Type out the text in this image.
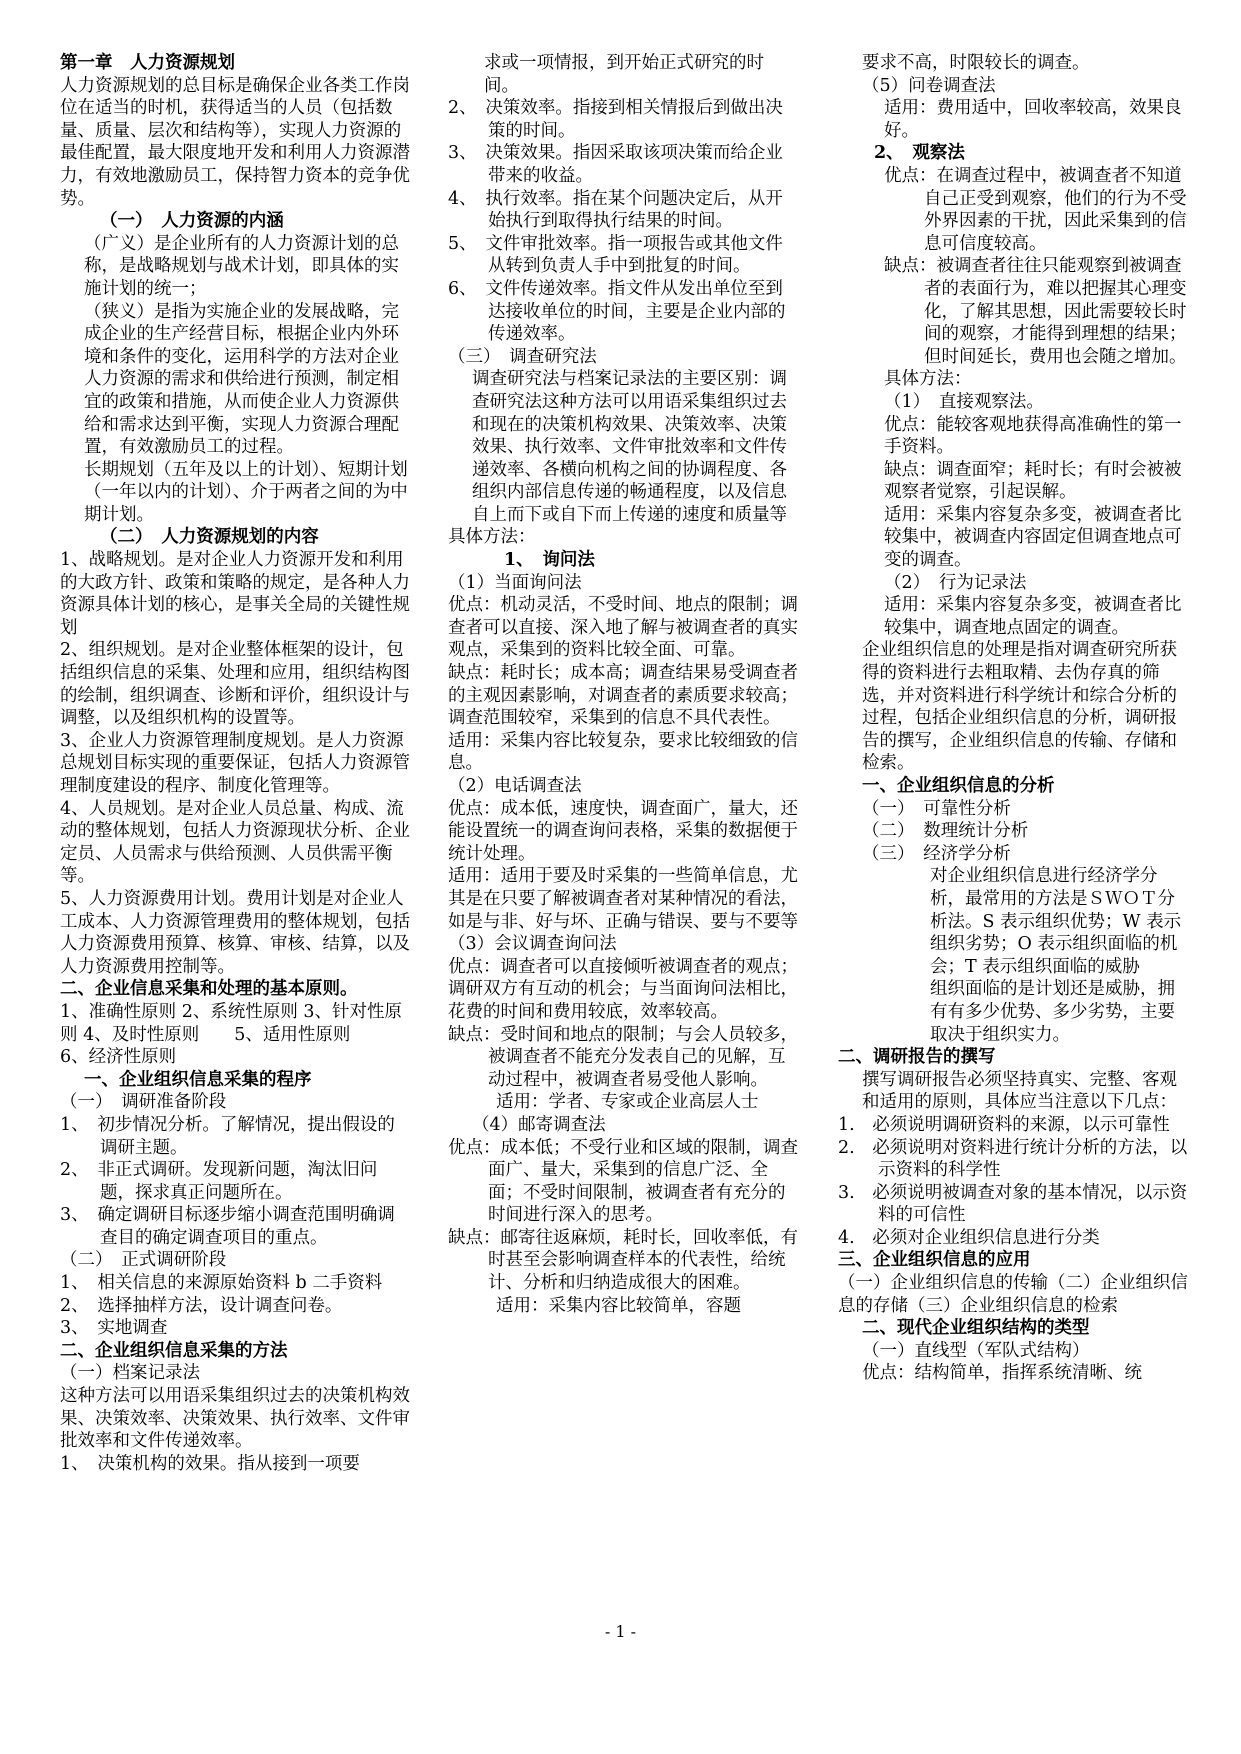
第一章　人力资源规划

人力资源规划的总目标是确保企业各类工作岗位在适当的时机，获得适当的人员（包括数量、质量、层次和结构等），实现人力资源的最佳配置，最大限度地开发和利用人力资源潜力，有效地激励员工，保持智力资本的竞争优势。

（一）　人力资源的内涵

（广义）是企业所有的人力资源计划的总称，是战略规划与战术计划，即具体的实施计划的统一；

（狭义）是指为实施企业的发展战略，完成企业的生产经营目标，根据企业内外环境和条件的变化，运用科学的方法对企业人力资源的需求和供给进行预测，制定相宜的政策和措施，从而使企业人力资源供给和需求达到平衡，实现人力资源合理配置，有效激励员工的过程。

长期规划（五年及以上的计划）、短期计划（一年以内的计划）、介于两者之间的为中期计划。

（二）　人力资源规划的内容

1、战略规划。是对企业人力资源开发和利用的大政方针、政策和策略的规定，是各种人力资源具体计划的核心，是事关全局的关键性规划

2、组织规划。是对企业整体框架的设计，包括组织信息的采集、处理和应用，组织结构图的绘制，组织调查、诊断和评价，组织设计与调整，以及组织机构的设置等。

3、企业人力资源管理制度规划。是人力资源总规划目标实现的重要保证，包括人力资源管理制度建设的程序、制度化管理等。

4、人员规划。是对企业人员总量、构成、流动的整体规划，包括人力资源现状分析、企业定员、人员需求与供给预测、人员供需平衡等。

5、人力资源费用计划。费用计划是对企业人工成本、人力资源管理费用的整体规划，包括人力资源费用预算、核算、审核、结算，以及人力资源费用控制等。

二、企业信息采集和处理的基本原则。

1、准确性原则 2、系统性原则 3、针对性原则 4、及时性原则　　5、适用性原则　　6、经济性原则

一、企业组织信息采集的程序

（一）　调研准备阶段

1、　初步情况分析。了解情况，提出假设的调研主题。

2、　非正式调研。发现新问题，淘汰旧问题，探求真正问题所在。

3、　确定调研目标逐步缩小调查范围明确调查目的确定调查项目的重点。

（二）　正式调研阶段

1、　相关信息的来源原始资料 b 二手资料

2、　选择抽样方法，设计调查问卷。

3、　实地调查

二、企业组织信息采集的方法

（一）档案记录法

这种方法可以用语采集组织过去的决策机构效果、决策效率、决策效果、执行效率、文件审批效率和文件传递效率。

1、　决策机构的效果。指从接到一项要

求或一项情报，到开始正式研究的时间。

2、　决策效率。指接到相关情报后到做出决策的时间。

3、　决策效果。指因采取该项决策而给企业带来的收益。

4、　执行效率。指在某个问题决定后，从开始执行到取得执行结果的时间。

5、　文件审批效率。指一项报告或其他文件从转到负责人手中到批复的时间。

6、　文件传递效率。指文件从发出单位至到达接收单位的时间，主要是企业内部的传递效率。

（三）　调查研究法

调查研究法与档案记录法的主要区别：调查研究法这种方法可以用语采集组织过去和现在的决策机构效果、决策效率、决策效果、执行效率、文件审批效率和文件传递效率、各横向机构之间的协调程度、各组织内部信息传递的畅通程度，以及信息自上而下或自下而上传递的速度和质量等

具体方法：

1、　询问法

（1）当面询问法

优点：机动灵活，不受时间、地点的限制；调查者可以直接、深入地了解与被调查者的真实观点，采集到的资料比较全面、可靠。

缺点：耗时长；成本高；调查结果易受调查者的主观因素影响，对调查者的素质要求较高；调查范围较窄，采集到的信息不具代表性。

适用：采集内容比较复杂，要求比较细致的信息。

（2）电话调查法

优点：成本低，速度快，调查面广，量大，还能设置统一的调查询问表格，采集的数据便于统计处理。

适用：适用于要及时采集的一些简单信息，尤其是在只要了解被调查者对某种情况的看法，如是与非、好与坏、正确与错误、要与不要等

（3）会议调查询问法

优点：调查者可以直接倾听被调查者的观点；调研双方有互动的机会；与当面询问法相比，花费的时间和费用较底，效率较高。

缺点：受时间和地点的限制；与会人员较多，被调查者不能充分发表自己的见解，互动过程中，被调查者易受他人影响。

适用：学者、专家或企业高层人士

（4）邮寄调查法

优点：成本低；不受行业和区域的限制，调查面广、量大，采集到的信息广泛、全面；不受时间限制，被调查者有充分的时间进行深入的思考。

缺点：邮寄往返麻烦，耗时长，回收率低，有时甚至会影响调查样本的代表性，给统计、分析和归纳造成很大的困难。

适用：采集内容比较简单，容题

要求不高，时限较长的调查。

（5）问卷调查法

适用：费用适中，回收率较高，效果良好。

2、　观察法

优点：在调查过程中，被调查者不知道自己正受到观察，他们的行为不受外界因素的干扰，因此采集到的信息可信度较高。

缺点：被调查者往往只能观察到被调查者的表面行为，难以把握其心理变化，了解其思想，因此需要较长时间的观察，才能得到理想的结果；但时间延长，费用也会随之增加。

具体方法：

（1）　直接观察法。

优点：能较客观地获得高准确性的第一手资料。

缺点：调查面窄；耗时长；有时会被被观察者觉察，引起误解。

适用：采集内容复杂多变，被调查者比较集中，被调查内容固定但调查地点可变的调查。

（2）　行为记录法

适用：采集内容复杂多变，被调查者比较集中，调查地点固定的调查。

企业组织信息的处理是指对调查研究所获得的资料进行去粗取精、去伪存真的筛选，并对资料进行科学统计和综合分析的过程，包括企业组织信息的分析，调研报告的撰写，企业组织信息的传输、存储和检索。

一、企业组织信息的分析

（一）　可靠性分析

（二）　数理统计分析

（三）　经济学分析

对企业组织信息进行经济学分析，最常用的方法是ＳＷＯＴ分析法。S 表示组织优势；W 表示组织劣势；O 表示组织面临的机会；T 表示组织面临的威胁

组织面临的是计划还是威胁，拥有有多少优势、多少劣势，主要取决于组织实力。

二、调研报告的撰写

撰写调研报告必须坚持真实、完整、客观和适用的原则，具体应当注意以下几点：

1.　必须说明调研资料的来源，以示可靠性

2.　必须说明对资料进行统计分析的方法，以示资料的科学性

3.　必须说明被调查对象的基本情况，以示资料的可信性

4.　必须对企业组织信息进行分类

三、企业组织信息的应用

（一）企业组织信息的传输（二）企业组织信息的存储（三）企业组织信息的检索

二、现代企业组织结构的类型

（一）直线型（军队式结构）

优点：结构简单，指挥系统清晰、统

- 1 -
